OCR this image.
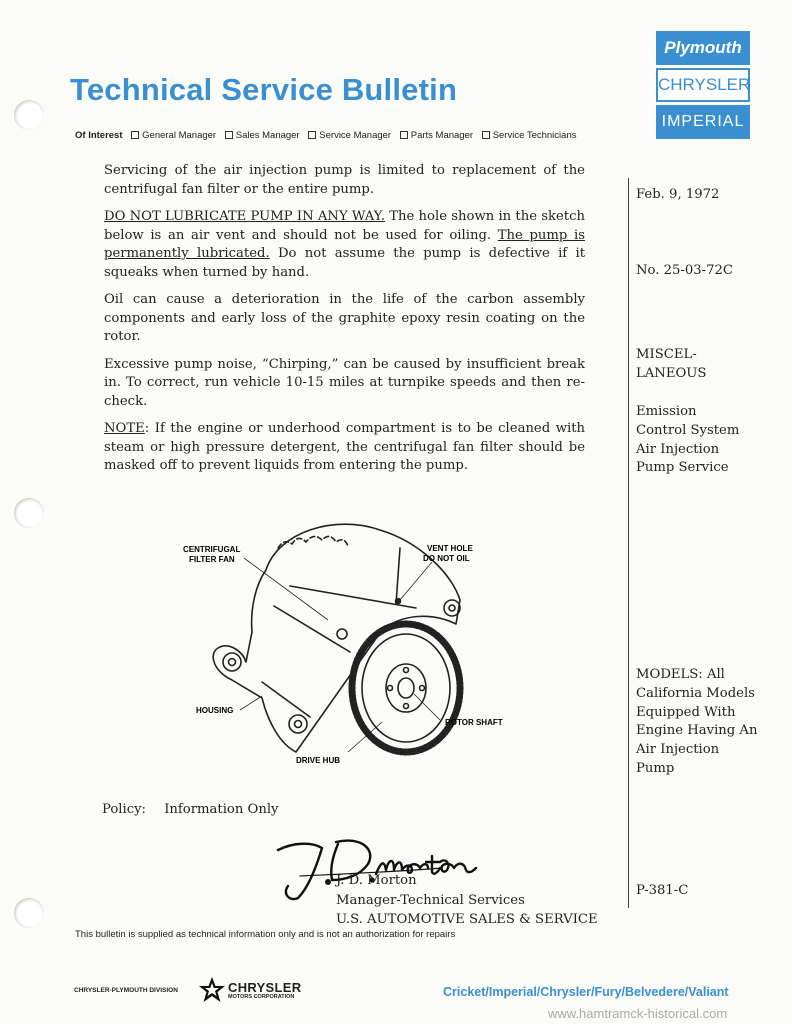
Technical Service Bulletin
Of Interest General Manager Sales Manager Service Manager Parts Manager Service Technicians
Plymouth
CHRYSLER
IMPERIAL

Servicing of the air injection pump is limited to replacement of the centrifugal fan filter or the entire pump.

DO NOT LUBRICATE PUMP IN ANY WAY. The hole shown in the sketch below is an air vent and should not be used for oiling. The pump is permanently lubricated. Do not assume the pump is defective if it squeaks when turned by hand.

Oil can cause a deterioration in the life of the carbon assembly components and early loss of the graphite epoxy resin coating on the rotor.

Excessive pump noise, “Chirping,” can be caused by insufficient break in. To correct, run vehicle 10-15 miles at turnpike speeds and then re-check.

NOTE: If the engine or underhood compartment is to be cleaned with steam or high pressure detergent, the centrifugal fan filter should be masked off to prevent liquids from entering the pump.

Feb. 9, 1972
No. 25-03-72C
MISCEL-
LANEOUS
Emission
Control System
Air Injection
Pump Service
MODELS: All
California Models
Equipped With
Engine Having An
Air Injection
Pump
P-381-C
CENTRIFUGAL
FILTER FAN
VENT HOLE
DO NOT OIL
HOUSING
ROTOR SHAFT
DRIVE HUB
Policy: Information Only
J. D.Morton
J. D. Morton
Manager-Technical Services
U.S. AUTOMOTIVE SALES & SERVICE
This bulletin is supplied as technical information only and is not an authorization for repairs
CHRYSLER-PLYMOUTH DIVISION	CHRYSLER
MOTORS CORPORATION	Cricket/Imperial/Chrysler/Fury/Belvedere/Valiant
www.hamtramck-historical.com
